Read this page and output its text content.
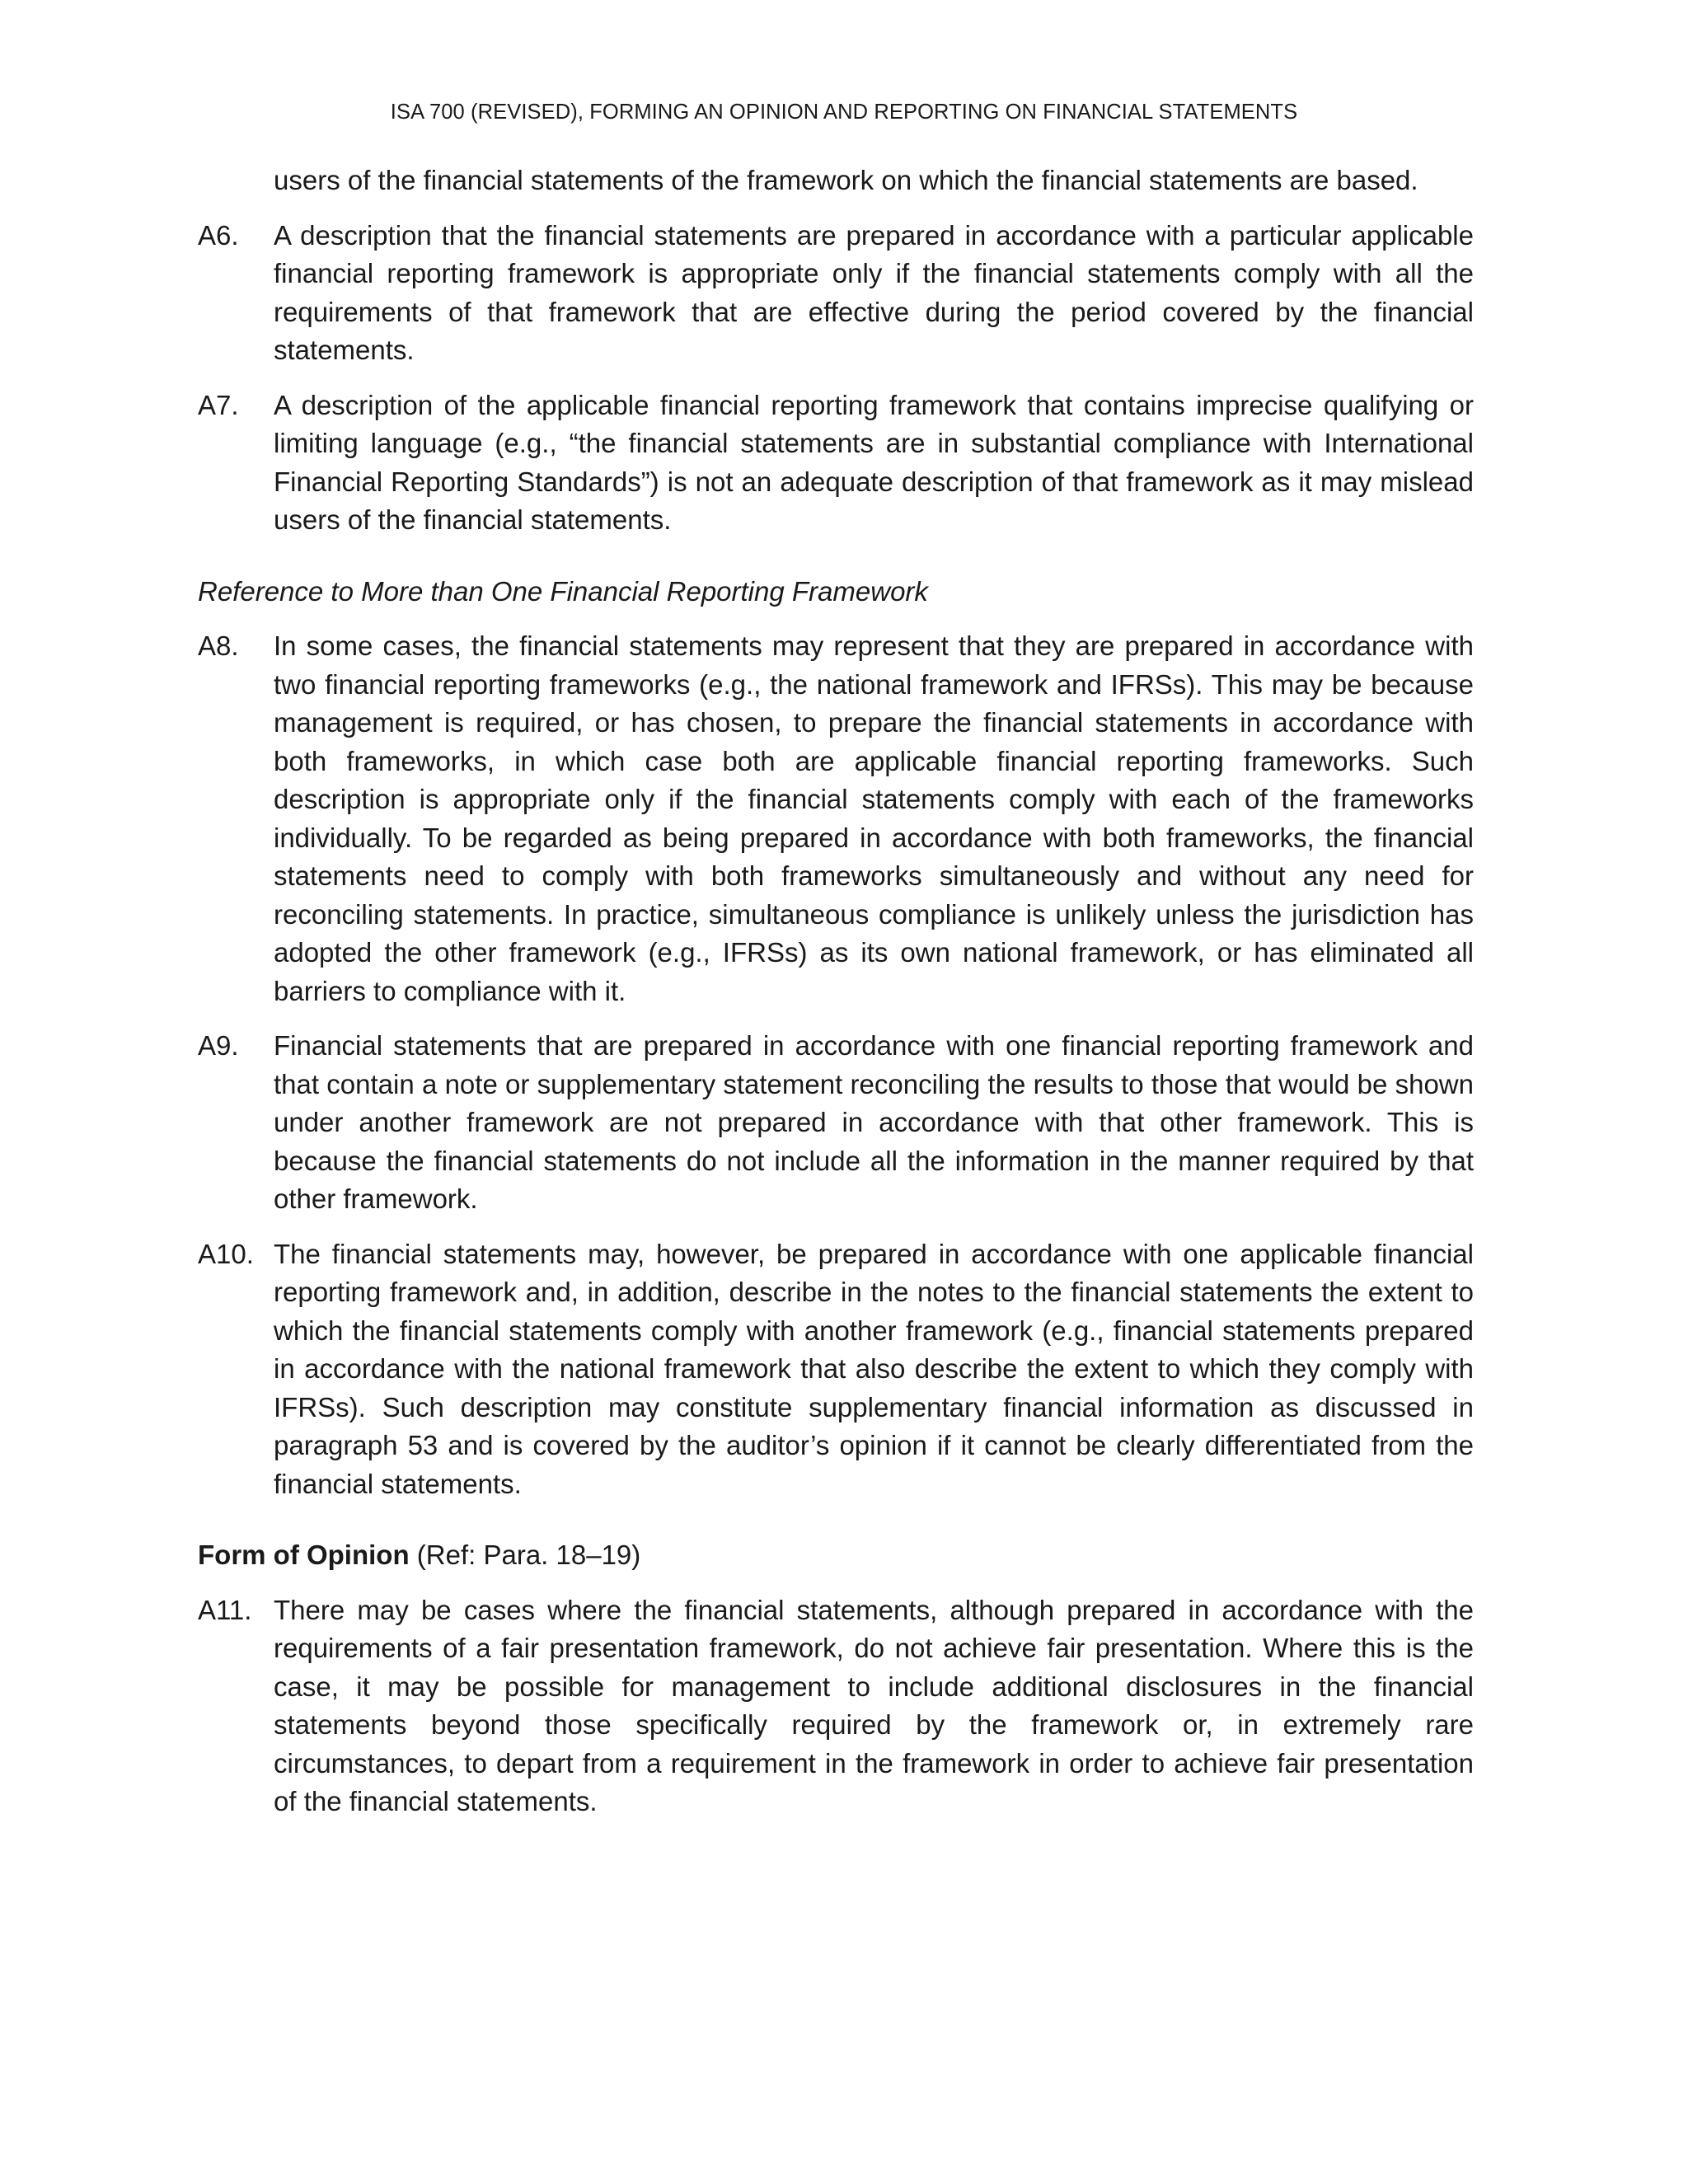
ISA 700 (REVISED), FORMING AN OPINION AND REPORTING ON FINANCIAL STATEMENTS

users of the financial statements of the framework on which the financial statements are based.

A6. A description that the financial statements are prepared in accordance with a particular applicable financial reporting framework is appropriate only if the financial statements comply with all the requirements of that framework that are effective during the period covered by the financial statements.

A7. A description of the applicable financial reporting framework that contains imprecise qualifying or limiting language (e.g., “the financial statements are in substantial compliance with International Financial Reporting Standards”) is not an adequate description of that framework as it may mislead users of the financial statements.

Reference to More than One Financial Reporting Framework

A8. In some cases, the financial statements may represent that they are prepared in accordance with two financial reporting frameworks (e.g., the national framework and IFRSs). This may be because management is required, or has chosen, to prepare the financial statements in accordance with both frameworks, in which case both are applicable financial reporting frameworks. Such description is appropriate only if the financial statements comply with each of the frameworks individually. To be regarded as being prepared in accordance with both frameworks, the financial statements need to comply with both frameworks simultaneously and without any need for reconciling statements. In practice, simultaneous compliance is unlikely unless the jurisdiction has adopted the other framework (e.g., IFRSs) as its own national framework, or has eliminated all barriers to compliance with it.

A9. Financial statements that are prepared in accordance with one financial reporting framework and that contain a note or supplementary statement reconciling the results to those that would be shown under another framework are not prepared in accordance with that other framework. This is because the financial statements do not include all the information in the manner required by that other framework.

A10. The financial statements may, however, be prepared in accordance with one applicable financial reporting framework and, in addition, describe in the notes to the financial statements the extent to which the financial statements comply with another framework (e.g., financial statements prepared in accordance with the national framework that also describe the extent to which they comply with IFRSs). Such description may constitute supplementary financial information as discussed in paragraph 53 and is covered by the auditor’s opinion if it cannot be clearly differentiated from the financial statements.

Form of Opinion (Ref: Para. 18–19)

A11. There may be cases where the financial statements, although prepared in accordance with the requirements of a fair presentation framework, do not achieve fair presentation. Where this is the case, it may be possible for management to include additional disclosures in the financial statements beyond those specifically required by the framework or, in extremely rare circumstances, to depart from a requirement in the framework in order to achieve fair presentation of the financial statements.
